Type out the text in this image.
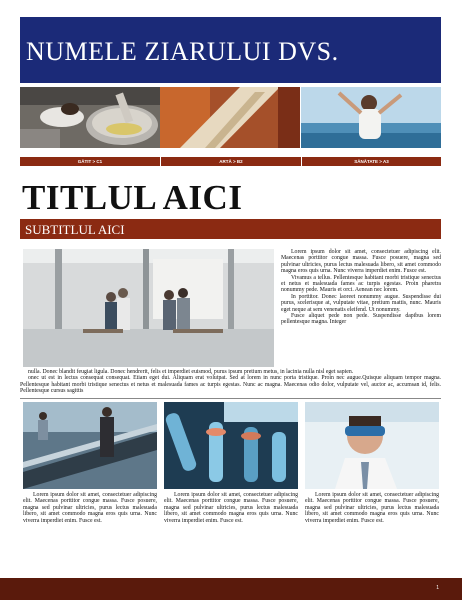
NUMELE ZIARULUI DVS.
GĂTIT > C1	ARTĂ > B2	SĂNĂTATE > A3
TITLUL AICI
SUBTITLUL AICI

Lorem ipsum dolor sit amet, consectetuer adipiscing elit. Maecenas porttitor congue massa. Fusce posuere, magna sed pulvinar ultricies, purus lectus malesuada libero, sit amet commodo magna eros quis urna. Nunc viverra imperdiet enim. Fusce est.

Vivamus a tellus. Pellentesque habitant morbi tristique senectus et netus et malesuada fames ac turpis egestas. Proin pharetra nonummy pede. Mauris et orci. Aenean nec lorem.

In porttitor. Donec laoreet nonummy augue. Suspendisse dui purus, scelerisque at, vulputate vitae, pretium mattis, nunc. Mauris eget neque at sem venenatis eleifend. Ut nonummy.

Fusce aliquet pede non pede. Suspendisse dapibus lorem pellentesque magna. Integer

nulla. Donec blandit feugiat ligula. Donec hendrerit, felis et imperdiet euismod, purus ipsum pretium metus, in lacinia nulla nisl eget sapien.

onec ut est in lectus consequat consequat. Etiam eget dui. Aliquam erat volutpat. Sed at lorem in nunc porta tristique. Proin nec augue.Quisque aliquam tempor magna. Pellentesque habitant morbi tristique senectus et netus et malesuada fames ac turpis egestas. Nunc ac magna. Maecenas odio dolor, vulputate vel, auctor ac, accumsan id, felis. Pellentesque cursus sagittis

Lorem ipsum dolor sit amet, consectetuer adipiscing elit. Maecenas porttitor congue massa. Fusce posuere, magna sed pulvinar ultricies, purus lectus malesuada libero, sit amet commodo magna eros quis urna. Nunc viverra imperdiet enim. Fusce est.

Lorem ipsum dolor sit amet, consectetuer adipiscing elit. Maecenas porttitor congue massa. Fusce posuere, magna sed pulvinar ultricies, purus lectus malesuada libero, sit amet commodo magna eros quis urna. Nunc viverra imperdiet enim. Fusce est.

Lorem ipsum dolor sit amet, consectetuer adipiscing elit. Maecenas porttitor congue massa. Fusce posuere, magna sed pulvinar ultricies, purus lectus malesuada libero, sit amet commodo magna eros quis urna. Nunc viverra imperdiet enim. Fusce est.

1
